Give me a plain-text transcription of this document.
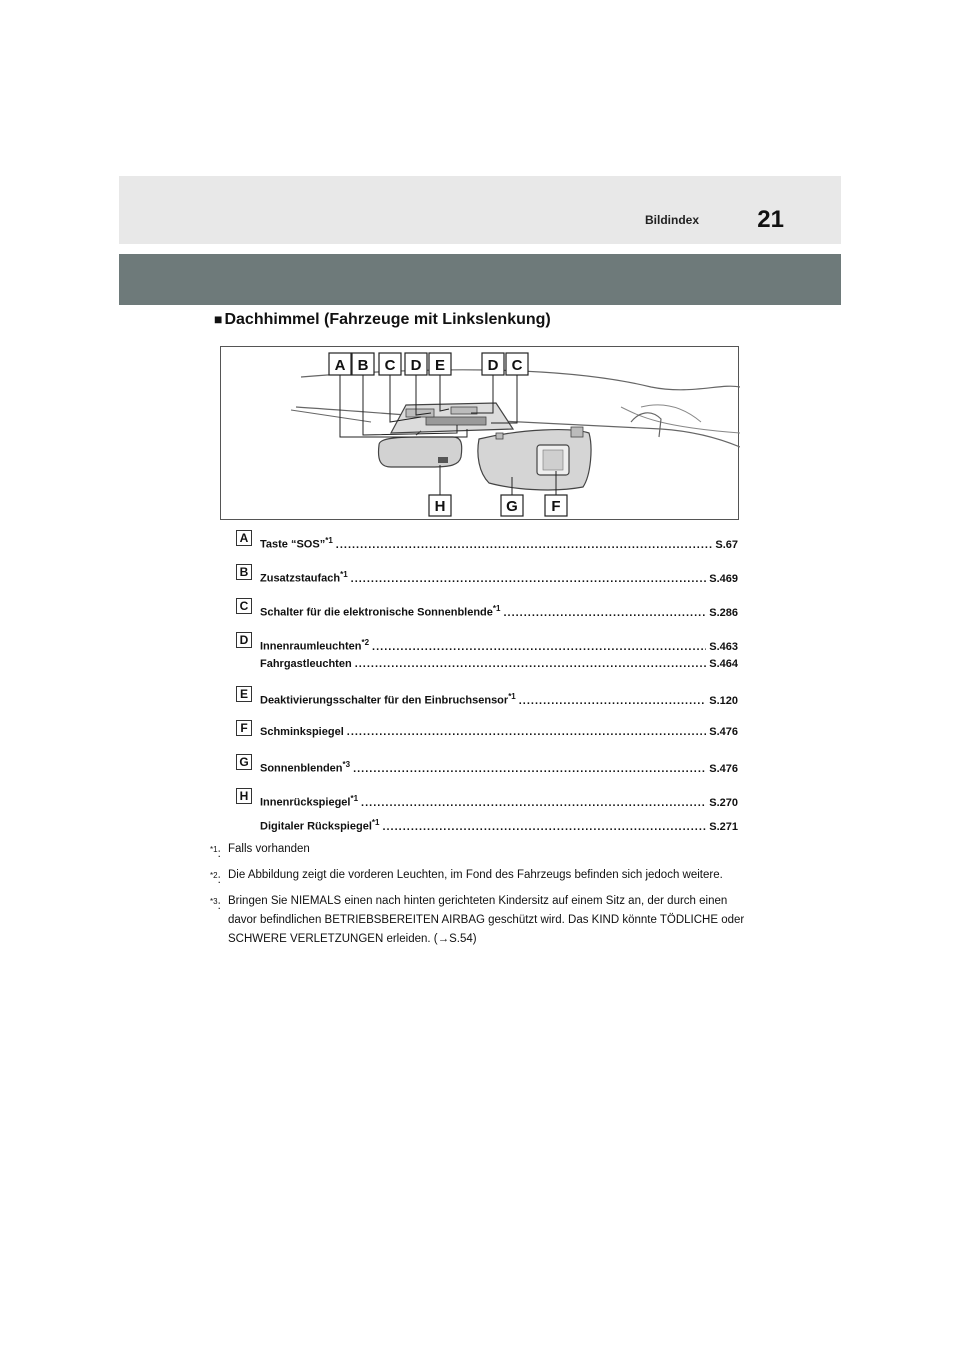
Bildindex 21
■ Dachhimmel (Fahrzeuge mit Linkslenkung)
A B C D E	D C
H	G F
A	Taste “SOS”$^{*1}$ .....	S.67
B	Zusatzstaufach$^{*1}$ .....	S.469
C	Schalter für die elektronische Sonnenblende$^{*1}$ .....	S.286
D	Innenraumleuchten$^{*2}$ .....	S.463
Fahrgastleuchten .....	S.464
E	Deaktivierungsschalter für den Einbruchsensor$^{*1}$ .....	S.120
F	Schminkspiegel .....	S.476
G	Sonnenblenden$^{*3}$ .....	S.476
H	Innenrückspiegel$^{*1}$ .....	S.270
Digitaler Rückspiegel$^{*1}$ .....	S.271
$^{*1}$: Falls vorhanden
$^{*2}$: Die Abbildung zeigt die vorderen Leuchten, im Fond des Fahrzeugs befinden sich jedoch weitere.
$^{*3}$: Bringen Sie NIEMALS einen nach hinten gerichteten Kindersitz auf einem Sitz an, der durch einen davor befindlichen BETRIEBSBEREITEN AIRBAG geschützt wird. Das KIND könnte TÖDLICHE oder SCHWERE VERLETZUNGEN erleiden. (→S.54)
